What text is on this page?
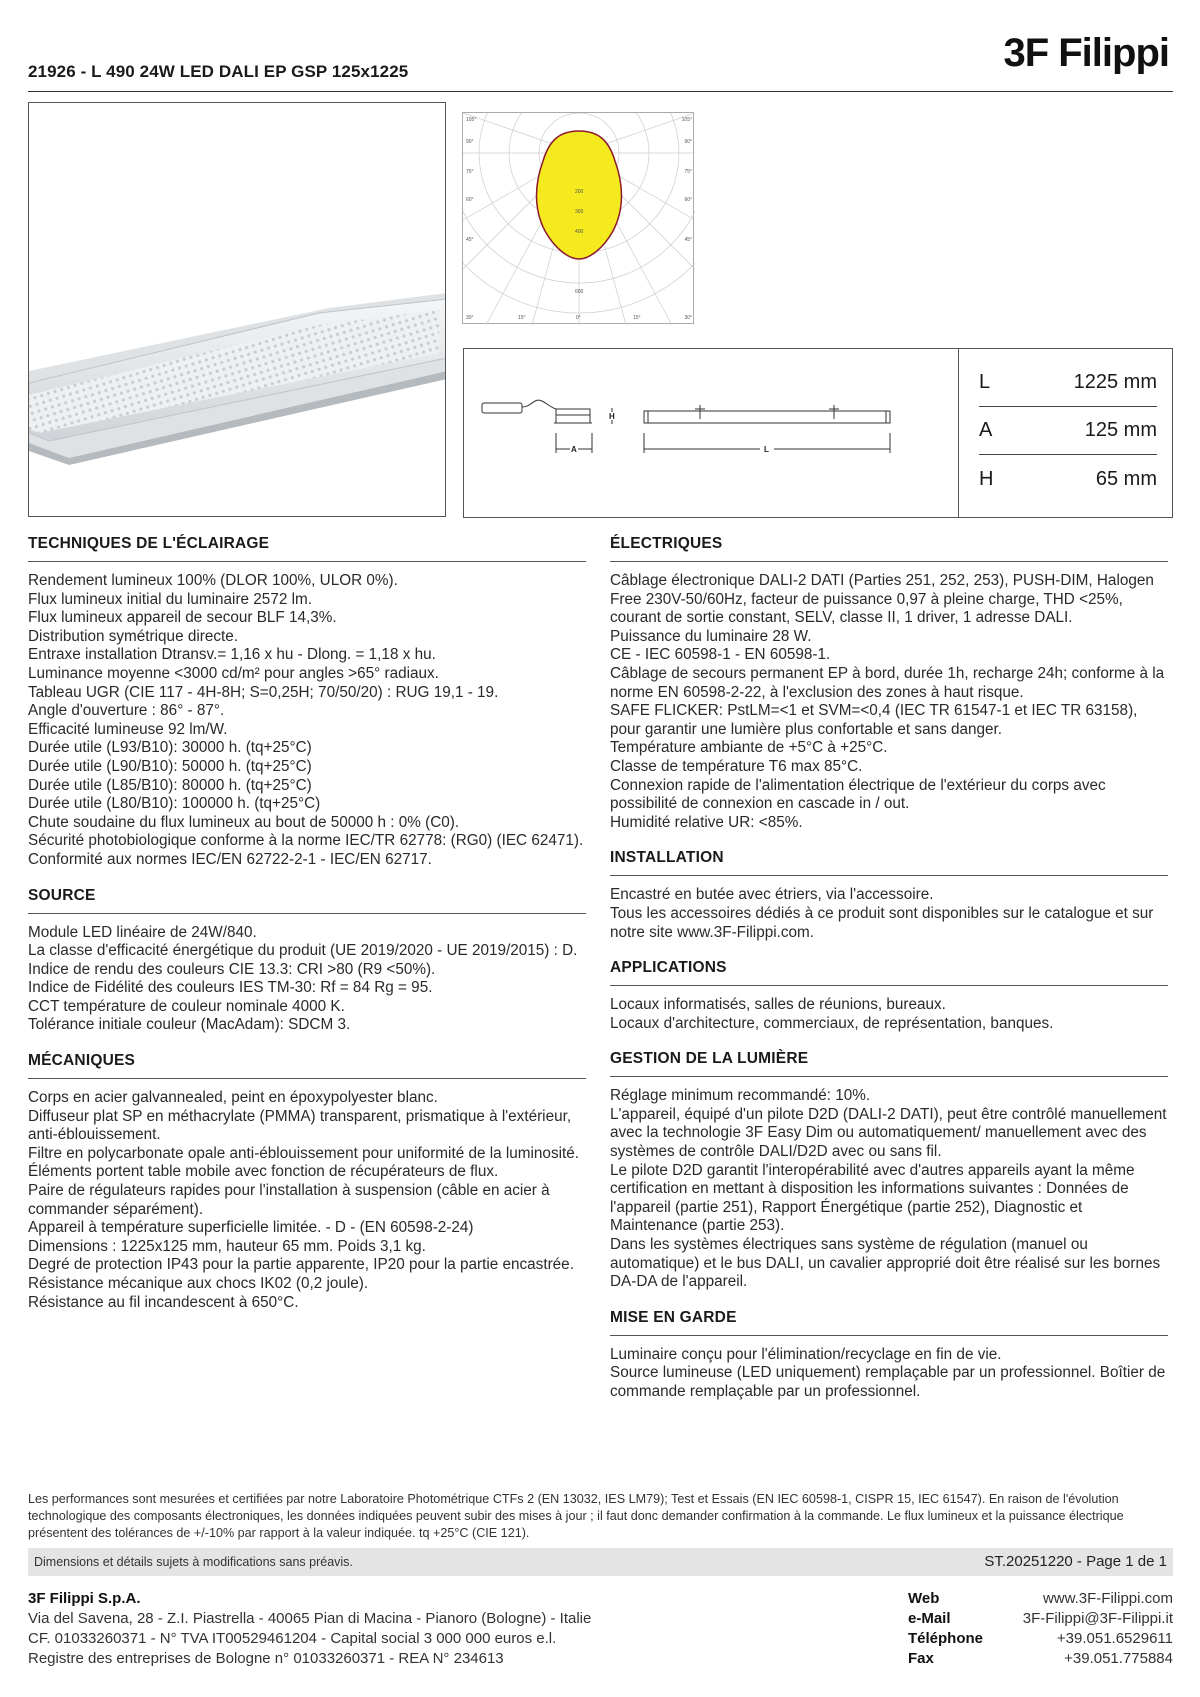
3F Filippi
21926 - L 490 24W LED DALI EP GSP 125x1225
105°
90°
75°
60°
45°
105°
90°
75°
60°
45°
30°	15°	0°	15°	30°
200
300
400
600
H
A	L
L	1225 mm
A	125 mm
H	65 mm
TECHNIQUES DE L'ÉCLAIRAGE
Rendement lumineux 100% (DLOR 100%, ULOR 0%).
Flux lumineux initial du luminaire 2572 lm.
Flux lumineux appareil de secour BLF 14,3%.
Distribution symétrique directe.
Entraxe installation Dtransv.= 1,16 x hu - Dlong. = 1,18 x hu.
Luminance moyenne <3000 cd/m² pour angles >65° radiaux.
Tableau UGR (CIE 117 - 4H-8H; S=0,25H; 70/50/20) : RUG 19,1 - 19.
Angle d'ouverture : 86° - 87°.
Efficacité lumineuse 92 lm/W.
Durée utile (L93/B10): 30000 h. (tq+25°C)
Durée utile (L90/B10): 50000 h. (tq+25°C)
Durée utile (L85/B10): 80000 h. (tq+25°C)
Durée utile (L80/B10): 100000 h. (tq+25°C)
Chute soudaine du flux lumineux au bout de 50000 h : 0% (C0).
Sécurité photobiologique conforme à la norme IEC/TR 62778: (RG0) (IEC 62471).
Conformité aux normes IEC/EN 62722-2-1 - IEC/EN 62717.
SOURCE
Module LED linéaire de 24W/840.
La classe d'efficacité énergétique du produit (UE 2019/2020 - UE 2019/2015) : D.
Indice de rendu des couleurs CIE 13.3: CRI >80 (R9 <50%).
Indice de Fidélité des couleurs IES TM-30: Rf = 84 Rg = 95.
CCT température de couleur nominale 4000 K.
Tolérance initiale couleur (MacAdam): SDCM 3.
MÉCANIQUES
Corps en acier galvannealed, peint en époxypolyester blanc.
Diffuseur plat SP en méthacrylate (PMMA) transparent, prismatique à l'extérieur, anti-éblouissement.
Filtre en polycarbonate opale anti-éblouissement pour uniformité de la luminosité.
Éléments portent table mobile avec fonction de récupérateurs de flux.
Paire de régulateurs rapides pour l'installation à suspension (câble en acier à commander séparément).
Appareil à température superficielle limitée. - D - (EN 60598-2-24)
Dimensions : 1225x125 mm, hauteur 65 mm. Poids 3,1 kg.
Degré de protection IP43 pour la partie apparente, IP20 pour la partie encastrée.
Résistance mécanique aux chocs IK02 (0,2 joule).
Résistance au fil incandescent à 650°C.
ÉLECTRIQUES
Câblage électronique DALI-2 DATI (Parties 251, 252, 253), PUSH-DIM, Halogen Free 230V-50/60Hz, facteur de puissance 0,97 à pleine charge, THD <25%, courant de sortie constant, SELV, classe II, 1 driver, 1 adresse DALI.
Puissance du luminaire 28 W.
CE - IEC 60598-1 - EN 60598-1.
Câblage de secours permanent EP à bord, durée 1h, recharge 24h; conforme à la norme EN 60598-2-22, à l'exclusion des zones à haut risque.
SAFE FLICKER: PstLM=<1 et SVM=<0,4 (IEC TR 61547-1 et IEC TR 63158), pour garantir une lumière plus confortable et sans danger.
Température ambiante de +5°C à +25°C.
Classe de température T6 max 85°C.
Connexion rapide de l'alimentation électrique de l'extérieur du corps avec possibilité de connexion en cascade in / out.
Humidité relative UR: <85%.
INSTALLATION
Encastré en butée avec étriers, via l'accessoire.
Tous les accessoires dédiés à ce produit sont disponibles sur le catalogue et sur notre site www.3F-Filippi.com.
APPLICATIONS
Locaux informatisés, salles de réunions, bureaux.
Locaux d'architecture, commerciaux, de représentation, banques.
GESTION DE LA LUMIÈRE
Réglage minimum recommandé: 10%.
L'appareil, équipé d'un pilote D2D (DALI-2 DATI), peut être contrôlé manuellement avec la technologie 3F Easy Dim ou automatiquement/ manuellement avec des systèmes de contrôle DALI/D2D avec ou sans fil.
Le pilote D2D garantit l'interopérabilité avec d'autres appareils ayant la même certification en mettant à disposition les informations suivantes : Données de l'appareil (partie 251), Rapport Énergétique (partie 252), Diagnostic et Maintenance (partie 253).
Dans les systèmes électriques sans système de régulation (manuel ou automatique) et le bus DALI, un cavalier approprié doit être réalisé sur les bornes DA-DA de l'appareil.
MISE EN GARDE
Luminaire conçu pour l'élimination/recyclage en fin de vie.
Source lumineuse (LED uniquement) remplaçable par un professionnel. Boîtier de commande remplaçable par un professionnel.
Les performances sont mesurées et certifiées par notre Laboratoire Photométrique CTFs 2 (EN 13032, IES LM79); Test et Essais (EN IEC 60598-1, CISPR 15, IEC 61547). En raison de l'évolution technologique des composants électroniques, les données indiquées peuvent subir des mises à jour ; il faut donc demander confirmation à la commande. Le flux lumineux et la puissance électrique présentent des tolérances de +/-10% par rapport à la valeur indiquée. tq +25°C (CIE 121).
Dimensions et détails sujets à modifications sans préavis.	ST.20251220 - Page 1 de 1
3F Filippi S.p.A.
Via del Savena, 28 - Z.I. Piastrella - 40065 Pian di Macina - Pianoro (Bologne) - Italie
CF. 01033260371 - N° TVA IT00529461204 - Capital social 3 000 000 euros e.l.
Registre des entreprises de Bologne n° 01033260371 - REA N° 234613
Web	www.3F-Filippi.com
e-Mail	3F-Filippi@3F-Filippi.it
Téléphone	+39.051.6529611
Fax	+39.051.775884
